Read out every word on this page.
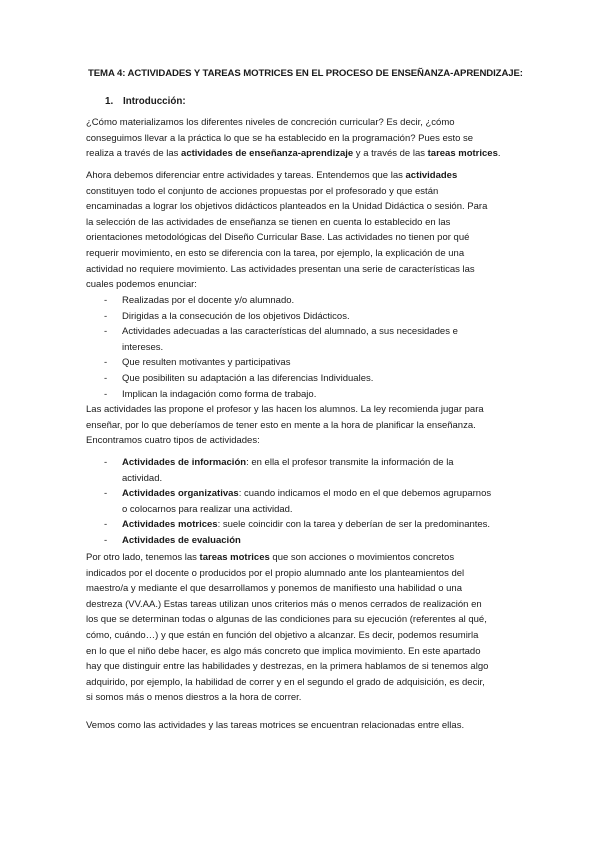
TEMA 4: ACTIVIDADES Y TAREAS MOTRICES EN EL PROCESO DE ENSEÑANZA-APRENDIZAJE:
1. Introducción:
¿Cómo materializamos los diferentes niveles de concreción curricular? Es decir, ¿cómo
conseguimos llevar a la práctica lo que se ha establecido en la programación? Pues esto se
realiza a través de las actividades de enseñanza-aprendizaje y a través de las tareas motrices.
Ahora debemos diferenciar entre actividades y tareas. Entendemos que las actividades
constituyen todo el conjunto de acciones propuestas por el profesorado y que están
encaminadas a lograr los objetivos didácticos planteados en la Unidad Didáctica o sesión. Para
la selección de las actividades de enseñanza se tienen en cuenta lo establecido en las
orientaciones metodológicas del Diseño Curricular Base. Las actividades no tienen por qué
requerir movimiento, en esto se diferencia con la tarea, por ejemplo, la explicación de una
actividad no requiere movimiento. Las actividades presentan una serie de características las
cuales podemos enunciar:
- Realizadas por el docente y/o alumnado.
- Dirigidas a la consecución de los objetivos Didácticos.
- Actividades adecuadas a las características del alumnado, a sus necesidades e
intereses.
- Que resulten motivantes y participativas
- Que posibiliten su adaptación a las diferencias Individuales.
- Implican la indagación como forma de trabajo.
Las actividades las propone el profesor y las hacen los alumnos. La ley recomienda jugar para
enseñar, por lo que deberíamos de tener esto en mente a la hora de planificar la enseñanza.
Encontramos cuatro tipos de actividades:
- Actividades de información: en ella el profesor transmite la información de la
actividad.
- Actividades organizativas: cuando indicamos el modo en el que debemos agruparnos
o colocarnos para realizar una actividad.
- Actividades motrices: suele coincidir con la tarea y deberían de ser la predominantes.
- Actividades de evaluación
Por otro lado, tenemos las tareas motrices que son acciones o movimientos concretos
indicados por el docente o producidos por el propio alumnado ante los planteamientos del
maestro/a y mediante el que desarrollamos y ponemos de manifiesto una habilidad o una
destreza (VV.AA.) Estas tareas utilizan unos criterios más o menos cerrados de realización en
los que se determinan todas o algunas de las condiciones para su ejecución (referentes al qué,
cómo, cuándo…) y que están en función del objetivo a alcanzar. Es decir, podemos resumirla
en lo que el niño debe hacer, es algo más concreto que implica movimiento. En este apartado
hay que distinguir entre las habilidades y destrezas, en la primera hablamos de si tenemos algo
adquirido, por ejemplo, la habilidad de correr y en el segundo el grado de adquisición, es decir,
si somos más o menos diestros a la hora de correr.
Vemos como las actividades y las tareas motrices se encuentran relacionadas entre ellas.
